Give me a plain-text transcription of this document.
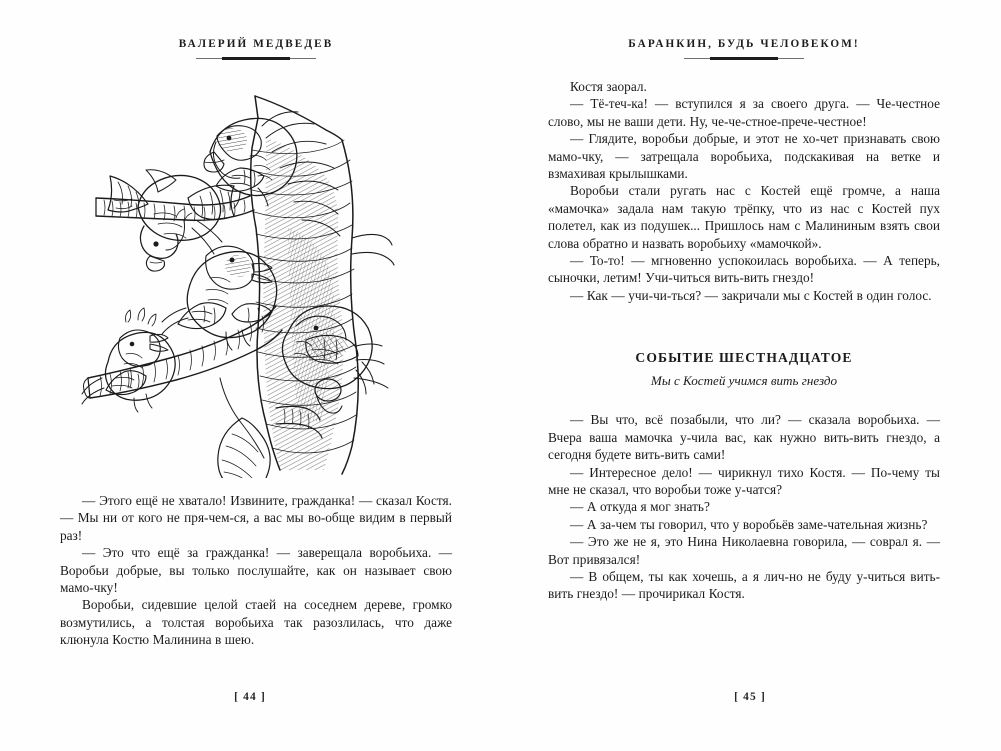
ВАЛЕРИЙ МЕДВЕДЕВ

— Этого ещё не хватало! Извините, гражданка! — сказал Костя. — Мы ни от кого не пря-чем-ся, а вас мы во-обще видим в первый раз!

— Это что ещё за гражданка! — заверещала воробьиха. — Воробьи добрые, вы только послушайте, как он называет свою мамо-чку!

Воробьи, сидевшие целой стаей на соседнем дереве, громко возмутились, а толстая воробьиха так разозлилась, что даже клюнула Костю Малинина в шею.

[ 44 ]
БАРАНКИН, БУДЬ ЧЕЛОВЕКОМ!

Костя заорал.

— Тё-теч-ка! — вступился я за своего друга. — Че-честное слово, мы не ваши дети. Ну, че-че-стное-прече-честное!

— Глядите, воробьи добрые, и этот не хо-чет признавать свою мамо-чку, — затрещала воробьиха, подскакивая на ветке и взмахивая крылышками.

Воробьи стали ругать нас с Костей ещё громче, а наша «мамочка» задала нам такую трёпку, что из нас с Костей пух полетел, как из подушек... Пришлось нам с Малининым взять свои слова обратно и назвать воробьиху «мамочкой».

— То-то! — мгновенно успокоилась воробьиха. — А теперь, сыночки, летим! Учи-читься вить-вить гнездо!

— Как — учи-чи-ться? — закричали мы с Костей в один голос.

СОБЫТИЕ ШЕСТНАДЦАТОЕ
Мы с Костей учимся вить гнездо

— Вы что, всё позабыли, что ли? — сказала воробьиха. — Вчера ваша мамочка у-чила вас, как нужно вить-вить гнездо, а сегодня будете вить-вить сами!

— Интересное дело! — чирикнул тихо Костя. — По-чему ты мне не сказал, что воробьи тоже у-чатся?

— А откуда я мог знать?

— А за-чем ты говорил, что у воробьёв заме-чательная жизнь?

— Это же не я, это Нина Николаевна говорила, — соврал я. — Вот привязался!

— В общем, ты как хочешь, а я лич-но не буду у-читься вить-вить гнездо! — прочирикал Костя.

[ 45 ]
